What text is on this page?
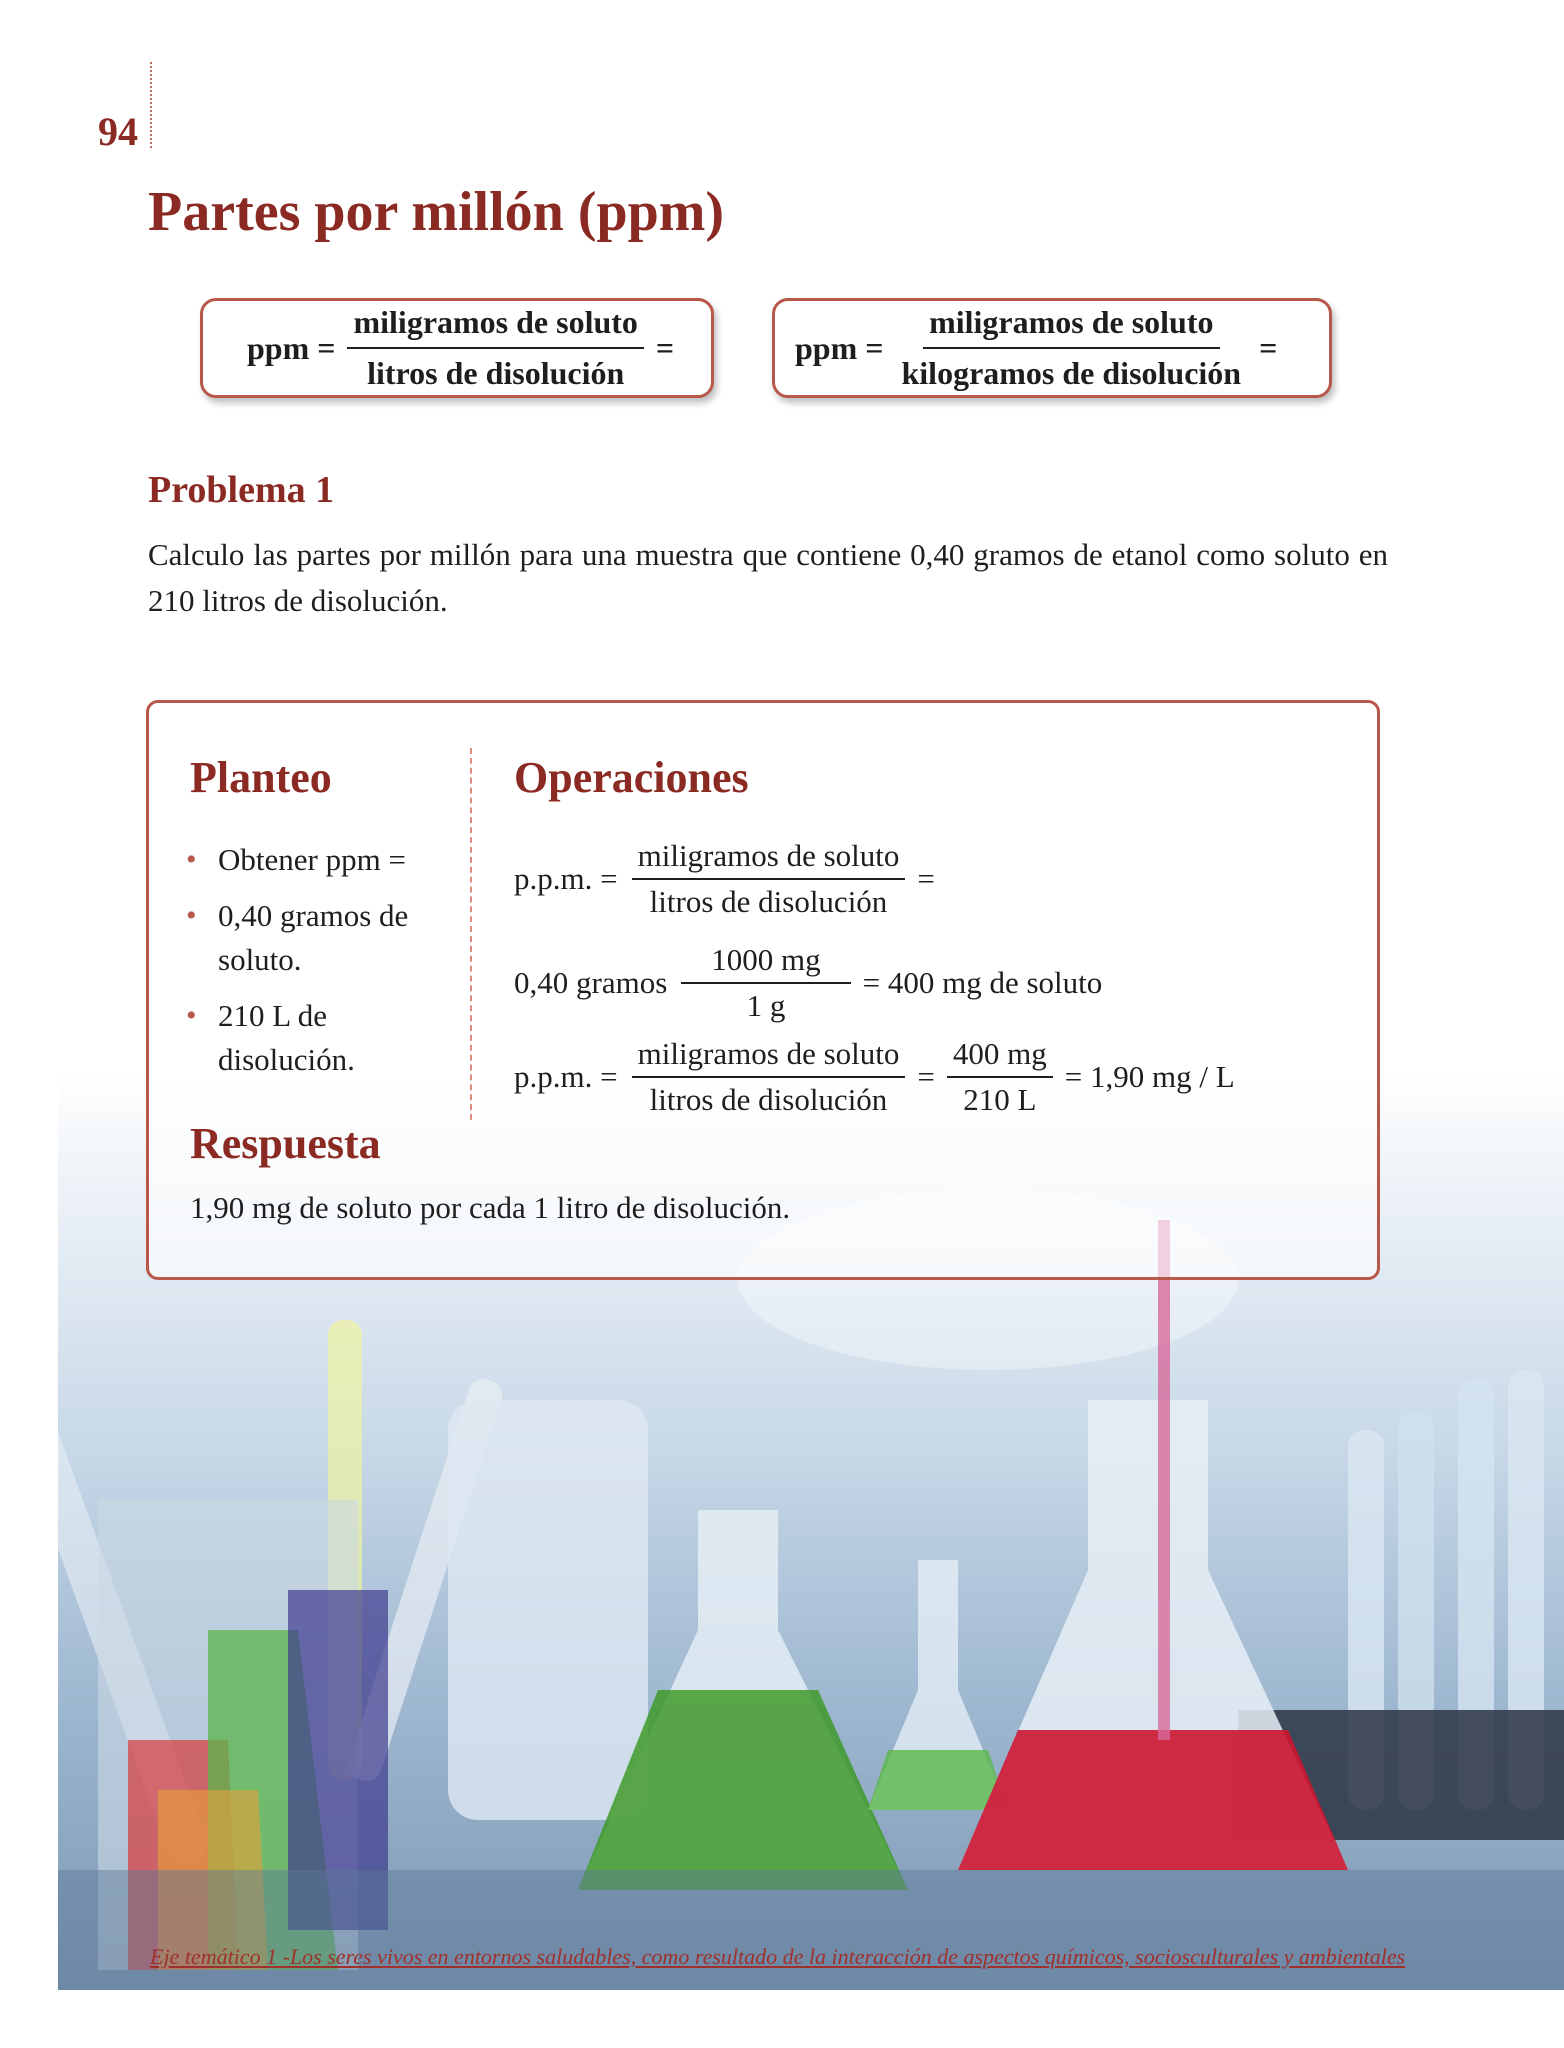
94
Partes por millón (ppm)
ppm = $\frac{\text{miligramos de soluto}}{\text{litros de disolución}}$ =	ppm = $\frac{\text{miligramos de soluto}}{\text{kilogramos de disolución}}$ =
Problema 1

Calculo las partes por millón para una muestra que contiene 0,40 gramos de etanol como soluto en 210 litros de disolución.

Eje temático 1 -Los seres vivos en entornos saludables, como resultado de la interacción de aspectos químicos, sociosculturales y ambientales

Planteo
• Obtener ppm =
• 0,40 gramos de soluto.
• 210 L de disolución.
Operaciones
p.p.m. = $\frac{\text{miligramos de soluto}}{\text{litros de disolución}}$ =
0,40 gramos $\frac{1000 mg}{1 g} = 400$ mg de soluto
p.p.m. = $\frac{\text{miligramos de soluto}}{\text{litros de disolución}} = \frac{400 mg}{210 L} = 1,90$ mg / L
Respuesta

1,90 mg de soluto por cada 1 litro de disolución.
